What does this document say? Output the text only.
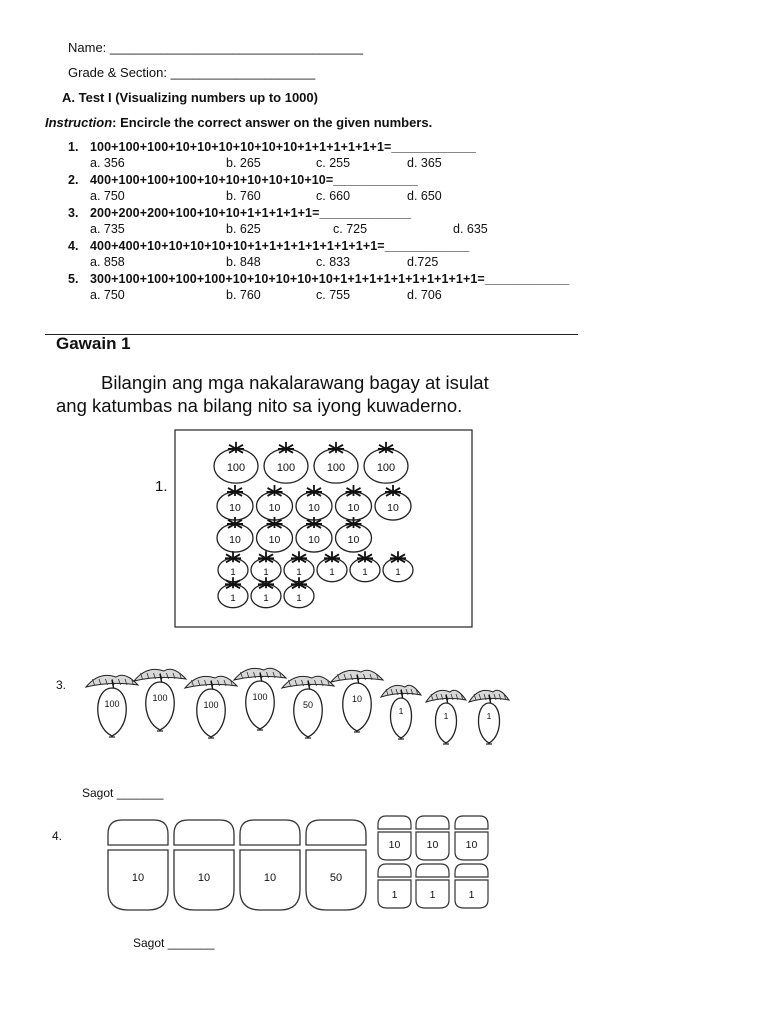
Name: ___________________________________
Grade & Section: ____________________
A. Test I (Visualizing numbers up to 1000)
Instruction: Encircle the correct answer on the given numbers.
1. 100+100+100+10+10+10+10+10+10+1+1+1+1+1+1=____________
a. 356	b. 265	c. 255	d. 365
2. 400+100+100+100+10+10+10+10+10+10=____________
a. 750	b. 760	c. 660	d. 650
3. 200+200+200+100+10+10+1+1+1+1+1=_____________
a. 735	b. 625	c. 725	d. 635
4. 400+400+10+10+10+10+10+1+1+1+1+1+1+1+1+1=____________
a. 858	b. 848	c. 833	d.725
5. 300+100+100+100+100+10+10+10+10+10+1+1+1+1+1+1+1+1+1+1=____________
a. 750	b. 760	c. 755	d. 706
Gawain 1
Bilangin ang mga nakalarawang bagay at isulat
ang katumbas na bilang nito sa iyong kuwaderno.
1.
100	100	100	100
10	10	10	10	10
10	10	10	10
1	1	1	1	1	1
1	1	1
3.
100
100
100
100
50
10
1	1	1
Sagot _______
4.
10	10	10	50
10	10	10
1	1	1
Sagot _______
